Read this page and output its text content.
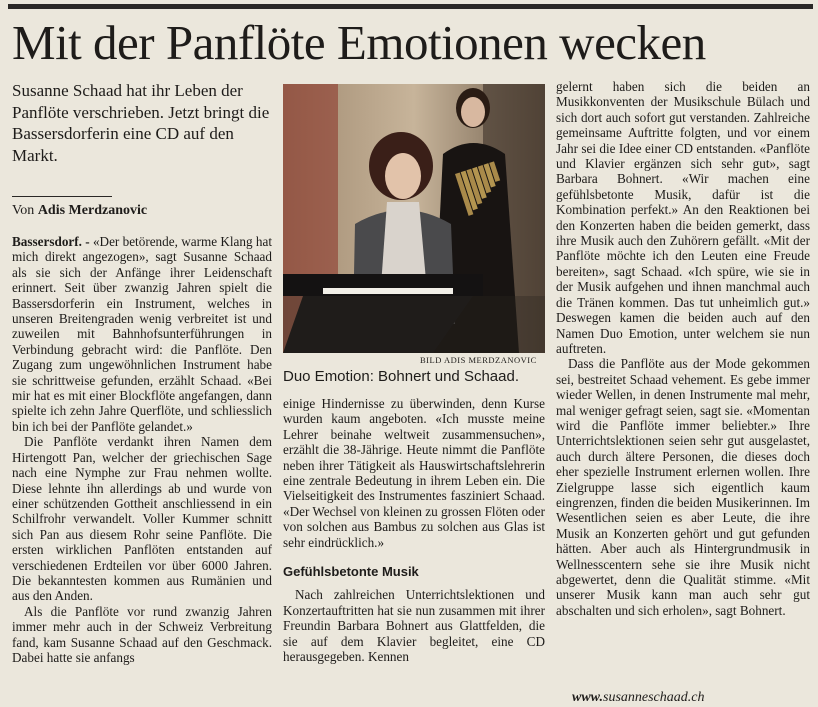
Mit der Panflöte Emotionen wecken
Susanne Schaad hat ihr Leben der Panflöte verschrieben. Jetzt bringt die Bassersdorferin eine CD auf den Markt.
Von Adis Merdzanovic

Bassersdorf. - «Der betörende, warme Klang hat mich direkt angezogen», sagt Susanne Schaad als sie sich der Anfänge ihrer Leidenschaft erinnert. Seit über zwanzig Jahren spielt die Bassersdorferin ein Instrument, welches in unseren Breitengraden wenig verbreitet ist und zuweilen mit Bahnhofsunterführungen in Verbindung gebracht wird: die Panflöte. Den Zugang zum ungewöhnlichen Instrument habe sie schrittweise gefunden, erzählt Schaad. «Bei mir hat es mit einer Blockflöte angefangen, dann spielte ich zehn Jahre Querflöte, und schliesslich bin ich bei der Panflöte gelandet.»

Die Panflöte verdankt ihren Namen dem Hirtengott Pan, welcher der griechischen Sage nach eine Nymphe zur Frau nehmen wollte. Diese lehnte ihn allerdings ab und wurde von einer schützenden Gottheit anschliessend in ein Schilfrohr verwandelt. Voller Kummer schnitt sich Pan aus diesem Rohr seine Panflöte. Die ersten wirklichen Panflöten entstanden auf verschiedenen Erdteilen vor über 6000 Jahren. Die bekanntesten kommen aus Rumänien und aus den Anden.

Als die Panflöte vor rund zwanzig Jahren immer mehr auch in der Schweiz Verbreitung fand, kam Susanne Schaad auf den Geschmack. Dabei hatte sie anfangs

BILD ADIS MERDZANOVIC
Duo Emotion: Bohnert und Schaad.

einige Hindernisse zu überwinden, denn Kurse wurden kaum angeboten. «Ich musste meine Lehrer beinahe weltweit zusammensuchen», erzählt die 38-Jährige. Heute nimmt die Panflöte neben ihrer Tätigkeit als Hauswirtschaftslehrerin eine zentrale Bedeutung in ihrem Leben ein. Die Vielseitigkeit des Instrumentes fasziniert Schaad. «Der Wechsel von kleinen zu grossen Flöten oder von solchen aus Bambus zu solchen aus Glas ist sehr eindrücklich.»

Gefühlsbetonte Musik

Nach zahlreichen Unterrichtslektionen und Konzertauftritten hat sie nun zusammen mit ihrer Freundin Barbara Bohnert aus Glattfelden, die sie auf dem Klavier begleitet, eine CD herausgegeben. Kennen

gelernt haben sich die beiden an Musikkonventen der Musikschule Bülach und sich dort auch sofort gut verstanden. Zahlreiche gemeinsame Auftritte folgten, und vor einem Jahr sei die Idee einer CD entstanden. «Panflöte und Klavier ergänzen sich sehr gut», sagt Barbara Bohnert. «Wir machen eine gefühlsbetonte Musik, dafür ist die Kombination perfekt.» An den Reaktionen bei den Konzerten haben die beiden gemerkt, dass ihre Musik auch den Zuhörern gefällt. «Mit der Panflöte möchte ich den Leuten eine Freude bereiten», sagt Schaad. «Ich spüre, wie sie in der Musik aufgehen und ihnen manchmal auch die Tränen kommen. Das tut unheimlich gut.» Deswegen kamen die beiden auch auf den Namen Duo Emotion, unter welchem sie nun auftreten.

Dass die Panflöte aus der Mode gekommen sei, bestreitet Schaad vehement. Es gebe immer wieder Wellen, in denen Instrumente mal mehr, mal weniger gefragt seien, sagt sie. «Momentan wird die Panflöte immer beliebter.» Ihre Unterrichtslektionen seien sehr gut ausgelastet, auch durch ältere Personen, die dieses doch eher spezielle Instrument erlernen wollen. Ihre Zielgruppe lasse sich eigentlich kaum eingrenzen, finden die beiden Musikerinnen. Im Wesentlichen seien es aber Leute, die ihre Musik an Konzerten gehört und gut gefunden hätten. Aber auch als Hintergrundmusik in Wellnesscentern sehe sie ihre Musik nicht abgewertet, denn die Qualität stimme. «Mit unserer Musik kann man auch sehr gut abschalten und sich erholen», sagt Bohnert.

www.susanneschaad.ch
